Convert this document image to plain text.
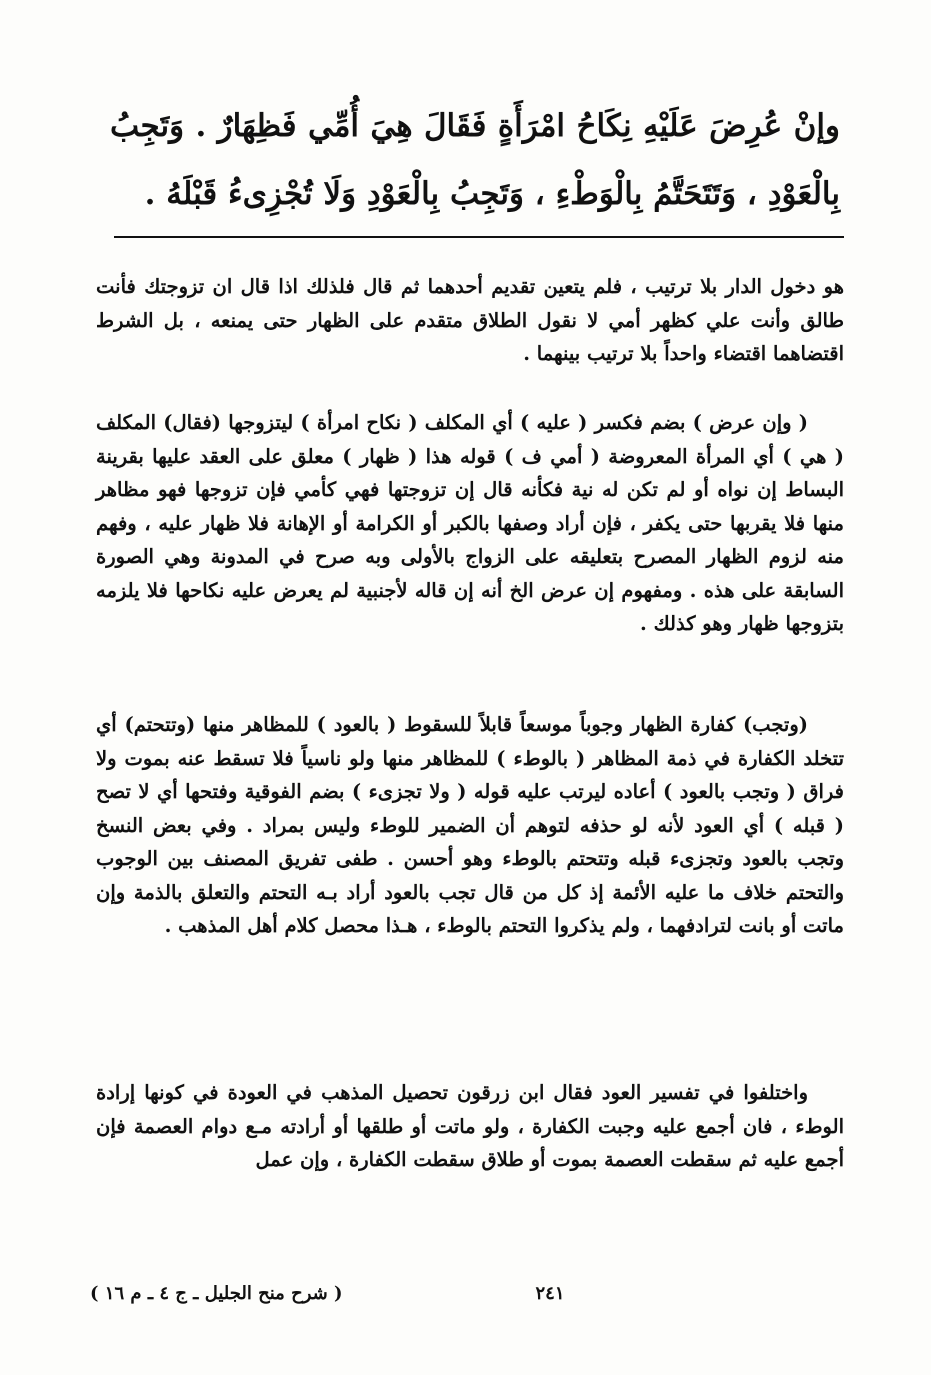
وإنْ عُرِضَ عَلَيْهِ نِكَاحُ امْرَأَةٍ فَقَالَ هِيَ أُمِّي فَظِهَارٌ . وَتَجِبُ بِالْعَوْدِ ، وَتَتَحَتَّمُ بِالْوَطْءِ ، وَتَجِبُ بِالْعَوْدِ وَلَا تُجْزِىءُ قَبْلَهُ .

هو دخول الدار بلا ترتيب ، فلم يتعين تقديم أحدهما ثم قال فلذلك اذا قال ان تزوجتك فأنت طالق وأنت علي كظهر أمي لا نقول الطلاق متقدم على الظهار حتى يمنعه ، بل الشرط اقتضاهما اقتضاء واحداً بلا ترتيب بينهما .

( وإن عرض ) بضم فكسر ( عليه ) أي المكلف ( نكاح امرأة ) ليتزوجها (فقال) المكلف ( هي ) أي المرأة المعروضة ( أمي ف ) قوله هذا ( ظهار ) معلق على العقد عليها بقرينة البساط إن نواه أو لم تكن له نية فكأنه قال إن تزوجتها فهي كأمي فإن تزوجها فهو مظاهر منها فلا يقربها حتى يكفر ، فإن أراد وصفها بالكبر أو الكرامة أو الإهانة فلا ظهار عليه ، وفهم منه لزوم الظهار المصرح بتعليقه على الزواج بالأولى وبه صرح في المدونة وهي الصورة السابقة على هذه . ومفهوم إن عرض الخ أنه إن قاله لأجنبية لم يعرض عليه نكاحها فلا يلزمه بتزوجها ظهار وهو كذلك .

(وتجب) كفارة الظهار وجوباً موسعاً قابلاً للسقوط ( بالعود ) للمظاهر منها (وتتحتم) أي تتخلد الكفارة في ذمة المظاهر ( بالوطء ) للمظاهر منها ولو ناسياً فلا تسقط عنه بموت ولا فراق ( وتجب بالعود ) أعاده ليرتب عليه قوله ( ولا تجزىء ) بضم الفوقية وفتحها أي لا تصح ( قبله ) أي العود لأنه لو حذفه لتوهم أن الضمير للوطء وليس بمراد . وفي بعض النسخ وتجب بالعود وتجزىء قبله وتتحتم بالوطء وهو أحسن . طفى تفريق المصنف بين الوجوب والتحتم خلاف ما عليه الأئمة إذ كل من قال تجب بالعود أراد بـه التحتم والتعلق بالذمة وإن ماتت أو بانت لترادفهما ، ولم يذكروا التحتم بالوطء ، هـذا محصل كلام أهل المذهب .

واختلفوا في تفسير العود فقال ابن زرقون تحصيل المذهب في العودة في كونها إرادة الوطء ، فان أجمع عليه وجبت الكفارة ، ولو ماتت أو طلقها أو أرادته مـع دوام العصمة فإن أجمع عليه ثم سقطت العصمة بموت أو طلاق سقطت الكفارة ، وإن عمل

٢٤١
( شرح منح الجليل ـ ج ٤ ـ م ١٦ )
